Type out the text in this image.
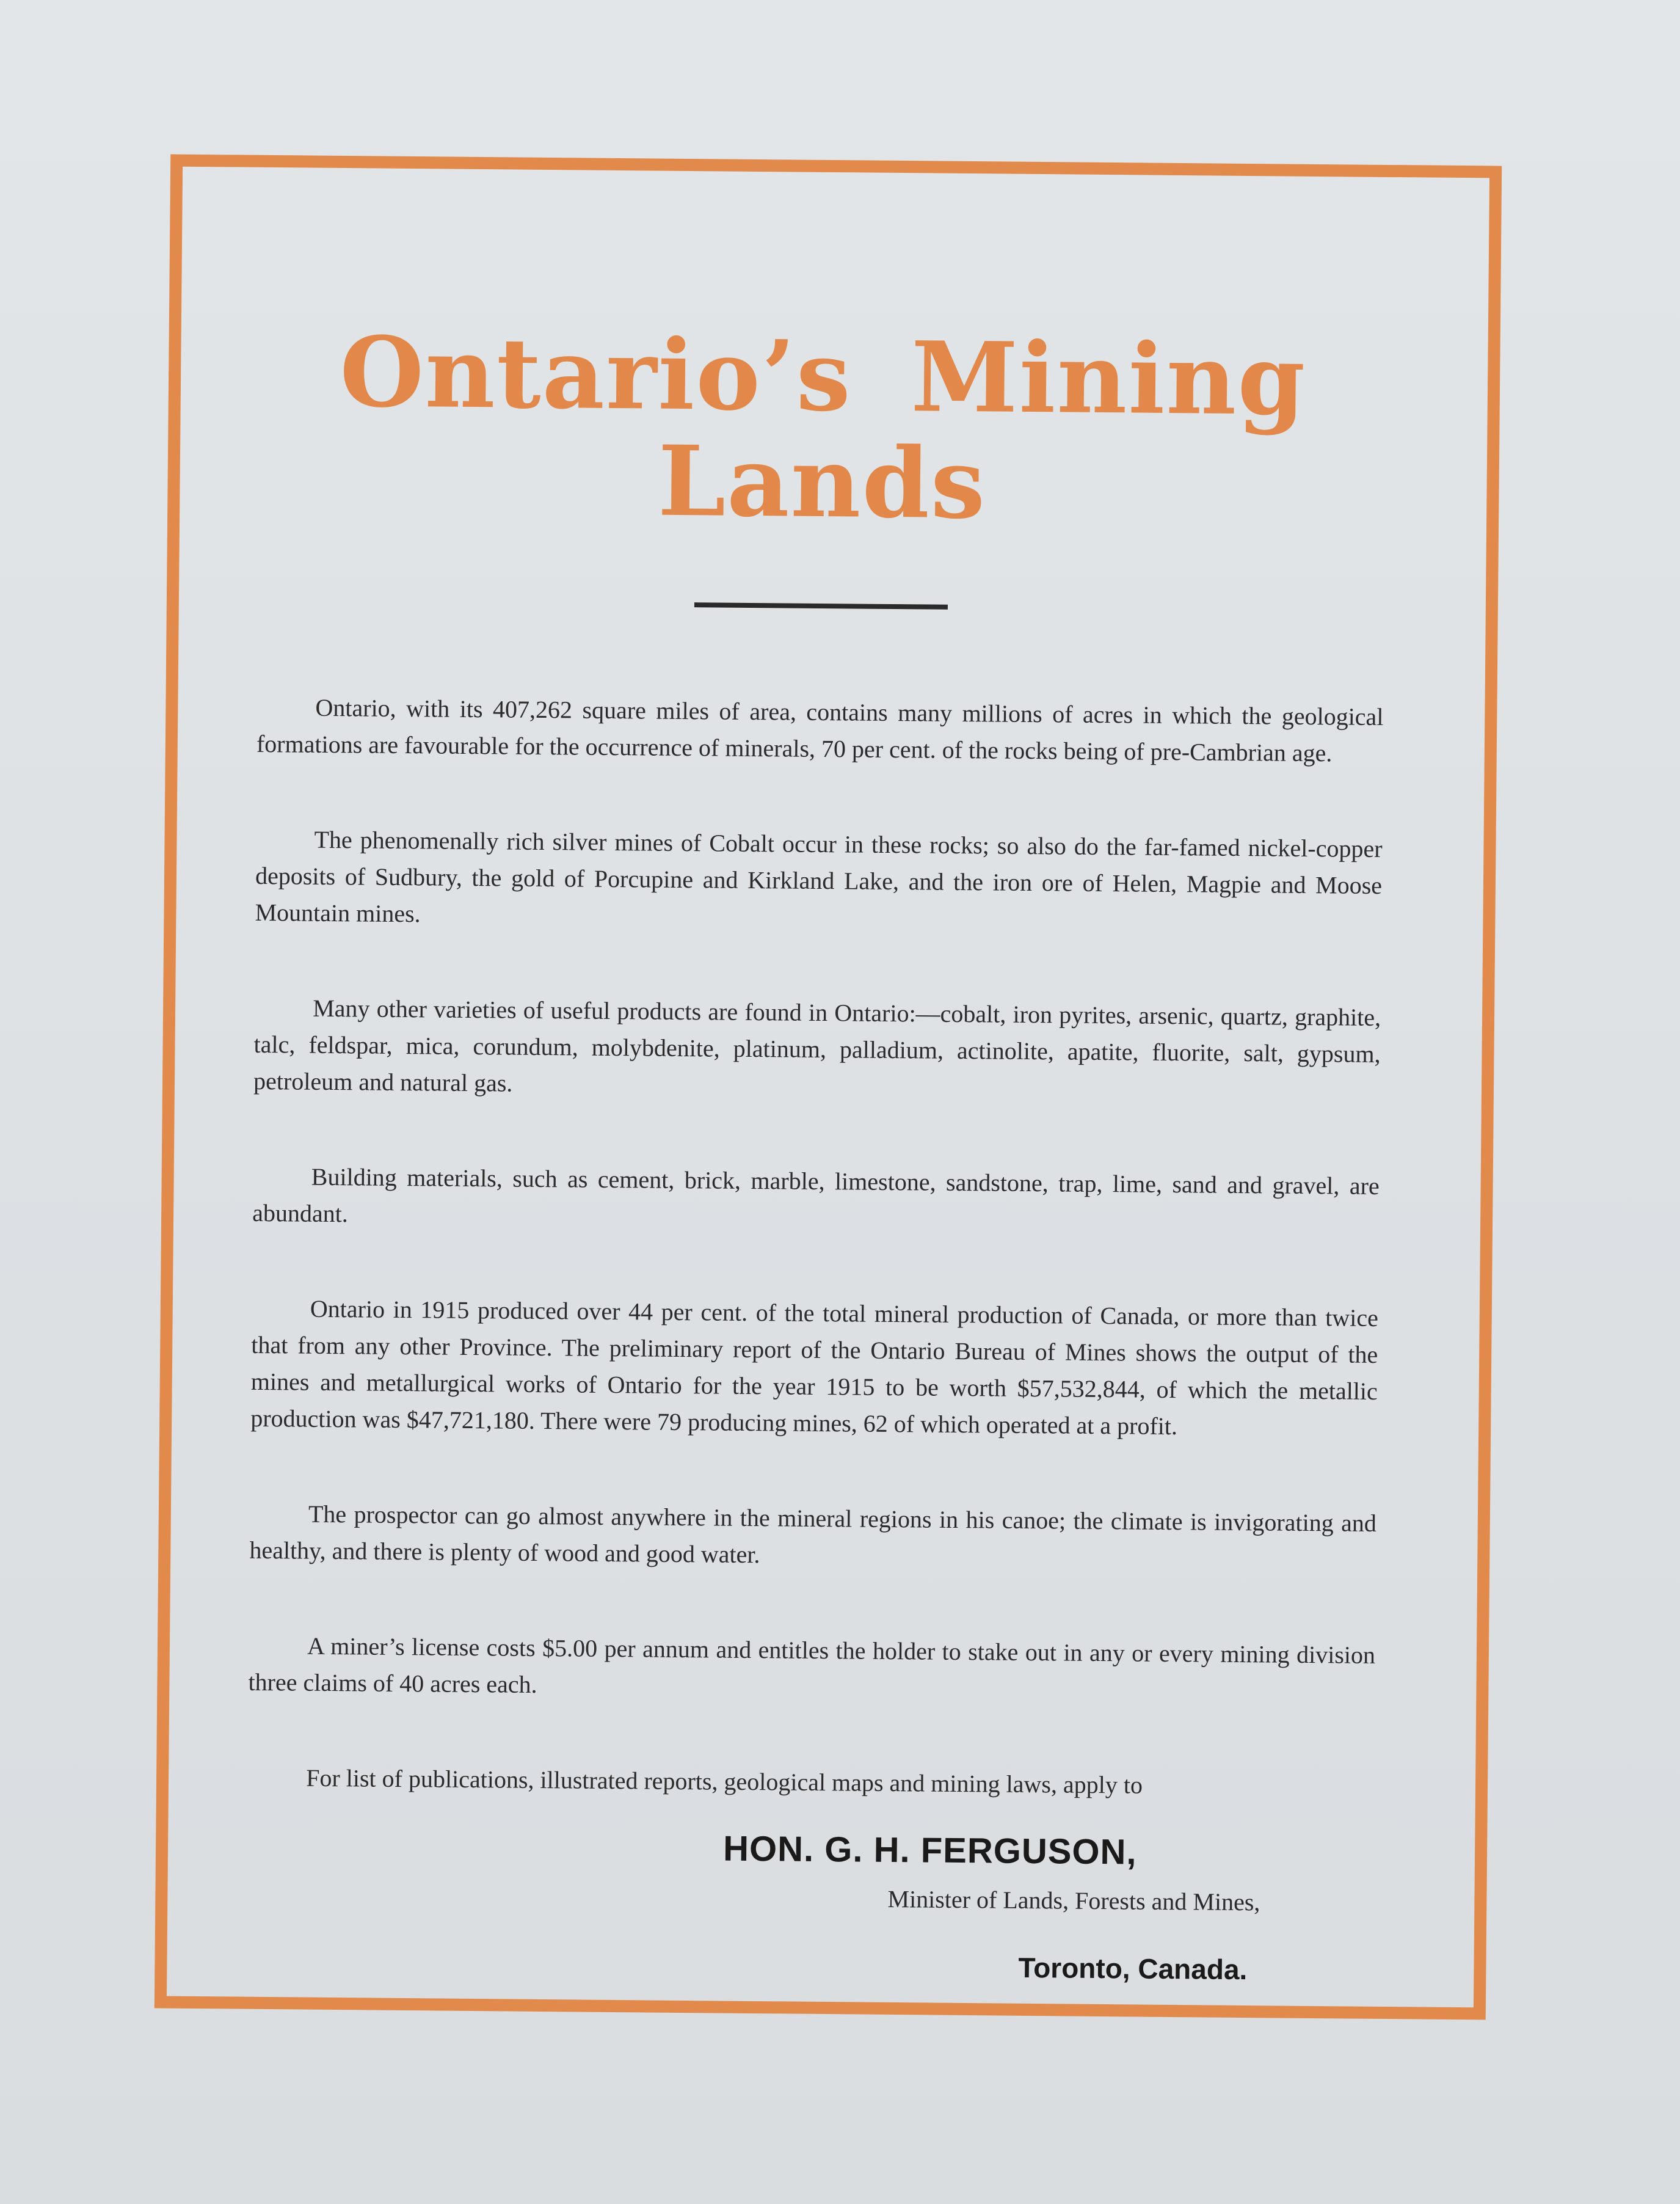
Ontario’s Mining Lands

Ontario, with its 407,262 square miles of area, contains many millions of acres in which the geological formations are favourable for the occurrence of minerals, 70 per cent. of the rocks being of pre-Cambrian age.

The phenomenally rich silver mines of Cobalt occur in these rocks; so also do the far-famed nickel-copper deposits of Sudbury, the gold of Porcupine and Kirkland Lake, and the iron ore of Helen, Magpie and Moose Mountain mines.

Many other varieties of useful products are found in Ontario:—cobalt, iron pyrites, arsenic, quartz, graphite, talc, feldspar, mica, corundum, molybdenite, platinum, palladium, actinolite, apatite, fluorite, salt, gypsum, petroleum and natural gas.

Building materials, such as cement, brick, marble, limestone, sandstone, trap, lime, sand and gravel, are abundant.

Ontario in 1915 produced over 44 per cent. of the total mineral production of Canada, or more than twice that from any other Province. The preliminary report of the Ontario Bureau of Mines shows the output of the mines and metallurgical works of Ontario for the year 1915 to be worth $57,532,844, of which the metallic production was $47,721,180. There were 79 producing mines, 62 of which operated at a profit.

The prospector can go almost anywhere in the mineral regions in his canoe; the climate is invigorating and healthy, and there is plenty of wood and good water.

A miner’s license costs $5.00 per annum and entitles the holder to stake out in any or every mining division three claims of 40 acres each.

For list of publications, illustrated reports, geological maps and mining laws, apply to

HON. G. H. FERGUSON,
Minister of Lands, Forests and Mines,
Toronto, Canada.
